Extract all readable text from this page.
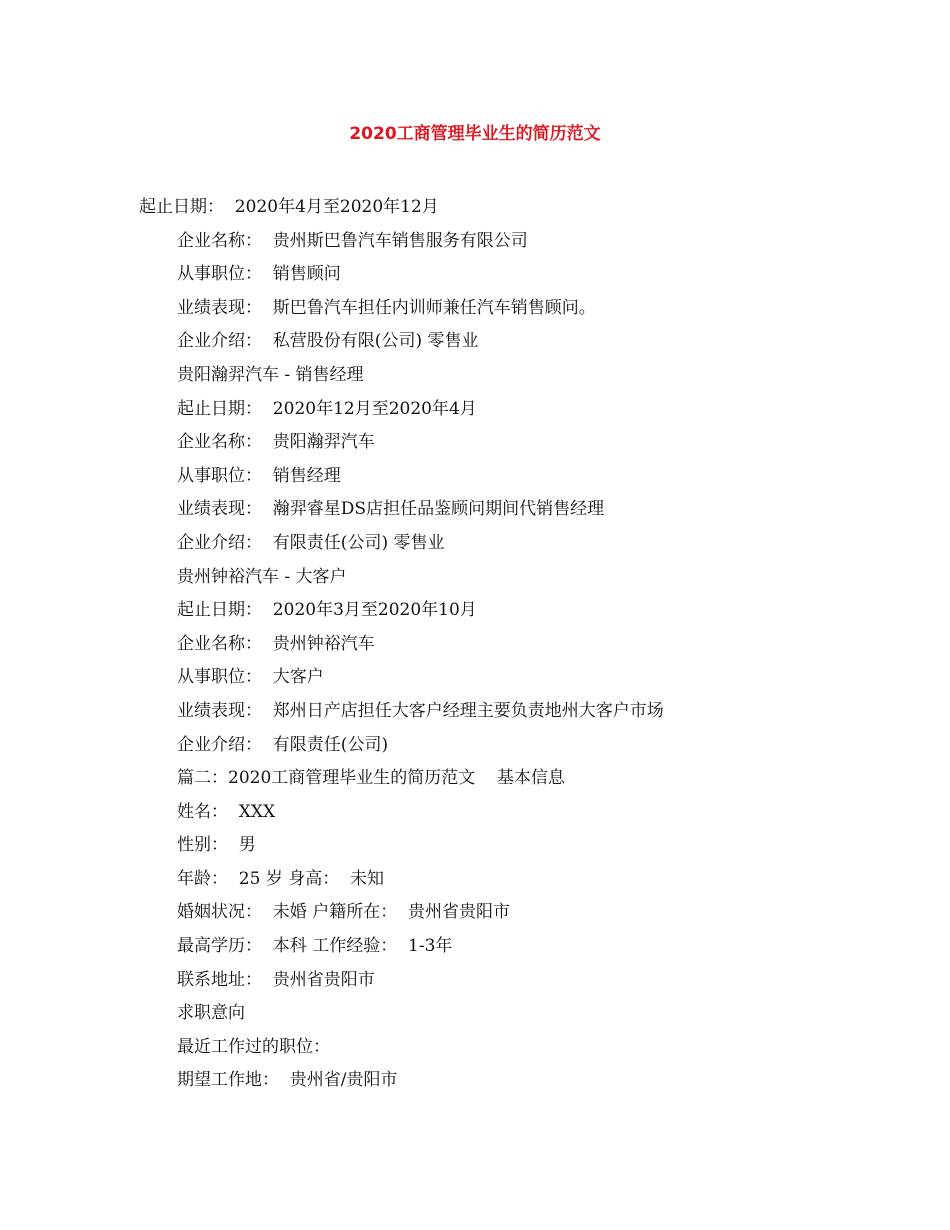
2020工商管理毕业生的简历范文
起止日期：  2020年4月至2020年12月
企业名称：  贵州斯巴鲁汽车销售服务有限公司
从事职位：  销售顾问
业绩表现：  斯巴鲁汽车担任内训师兼任汽车销售顾问。
企业介绍：  私营股份有限(公司) 零售业
贵阳瀚羿汽车 - 销售经理
起止日期：  2020年12月至2020年4月
企业名称：  贵阳瀚羿汽车
从事职位：  销售经理
业绩表现：  瀚羿睿星DS店担任品鉴顾问期间代销售经理
企业介绍：  有限责任(公司) 零售业
贵州钟裕汽车 - 大客户
起止日期：  2020年3月至2020年10月
企业名称：  贵州钟裕汽车
从事职位：  大客户
业绩表现：  郑州日产店担任大客户经理主要负责地州大客户市场
企业介绍：  有限责任(公司)
篇二：2020工商管理毕业生的简历范文    基本信息
姓名：  XXX
性别：  男
年龄：  25 岁 身高：  未知
婚姻状况：  未婚 户籍所在：  贵州省贵阳市
最高学历：  本科 工作经验：  1-3年
联系地址：  贵州省贵阳市
求职意向
最近工作过的职位：
期望工作地：  贵州省/贵阳市
